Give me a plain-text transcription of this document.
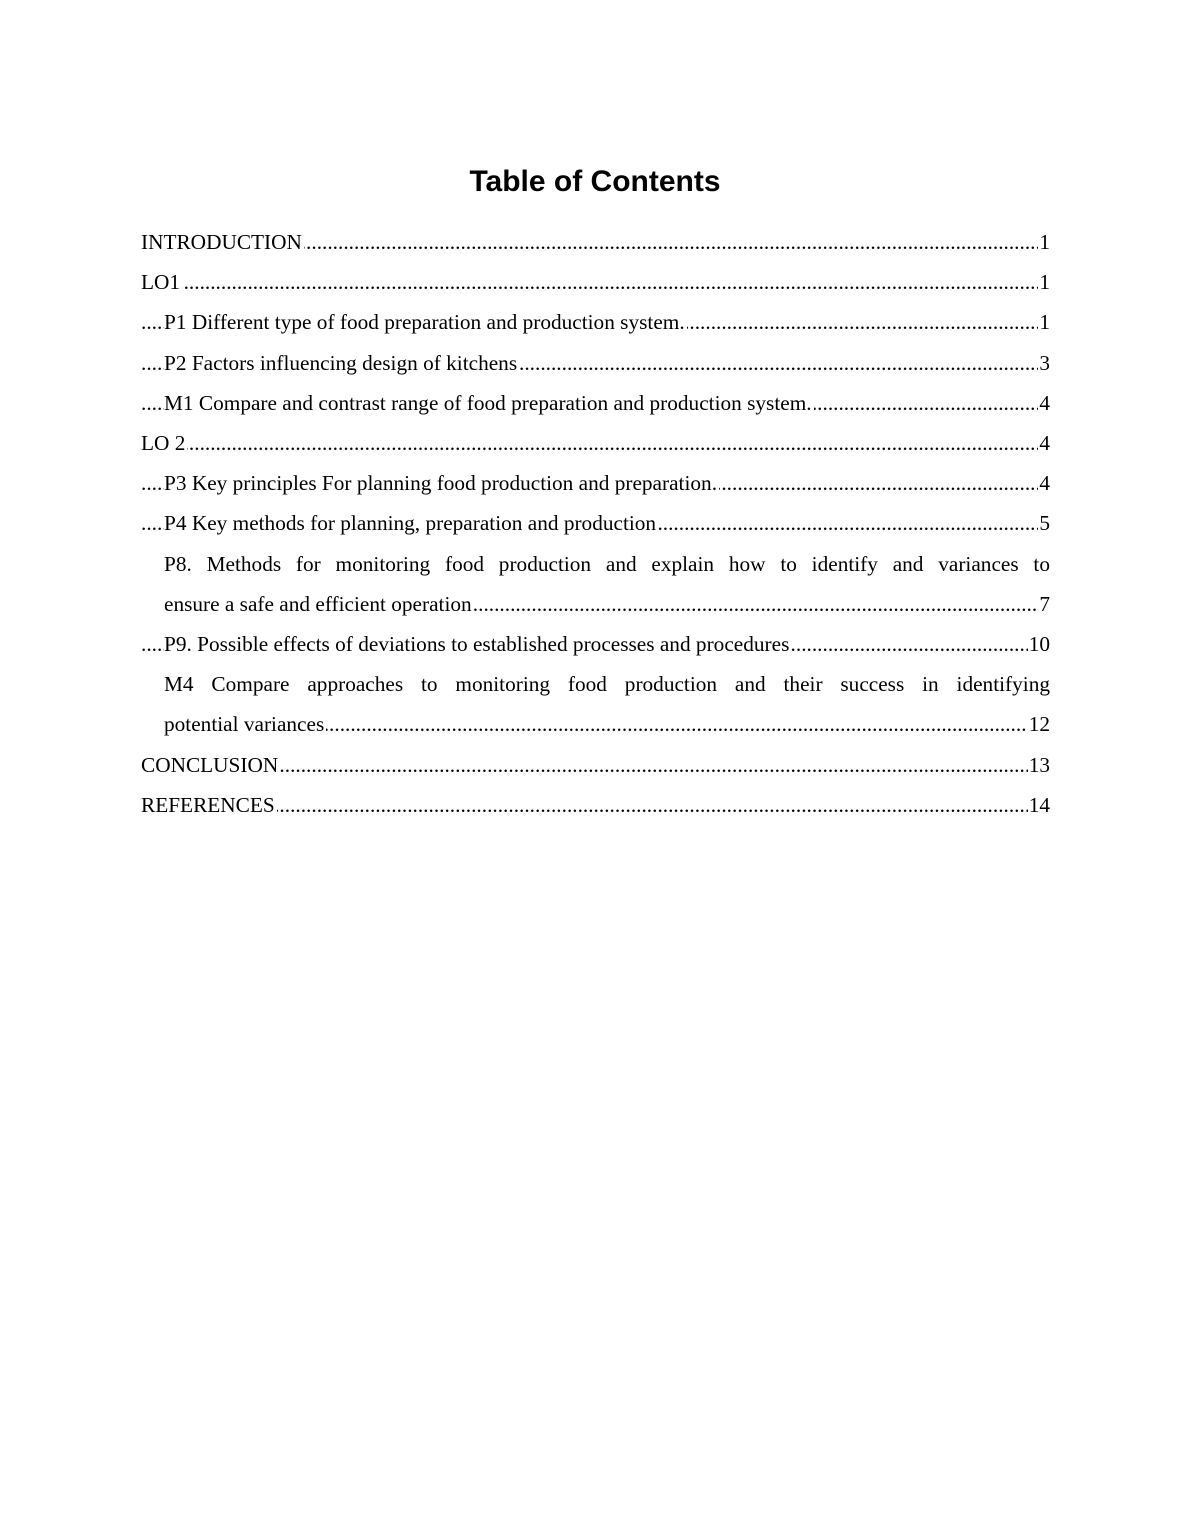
Table of Contents
INTRODUCTION	1
LO1	1
P1 Different type of food preparation and production system.	1
P2 Factors influencing design of kitchens	3
M1 Compare and contrast range of food preparation and production system.	4
LO 2	4
P3 Key principles For planning food production and preparation.	4
P4 Key methods for planning, preparation and production	5
P8. Methods for monitoring food production and explain how to identify and variances to
ensure a safe and efficient operation	7
P9. Possible effects of deviations to established processes and procedures	10
M4 Compare approaches to monitoring food production and their success in identifying
potential variances	12
CONCLUSION	13
REFERENCES	14
